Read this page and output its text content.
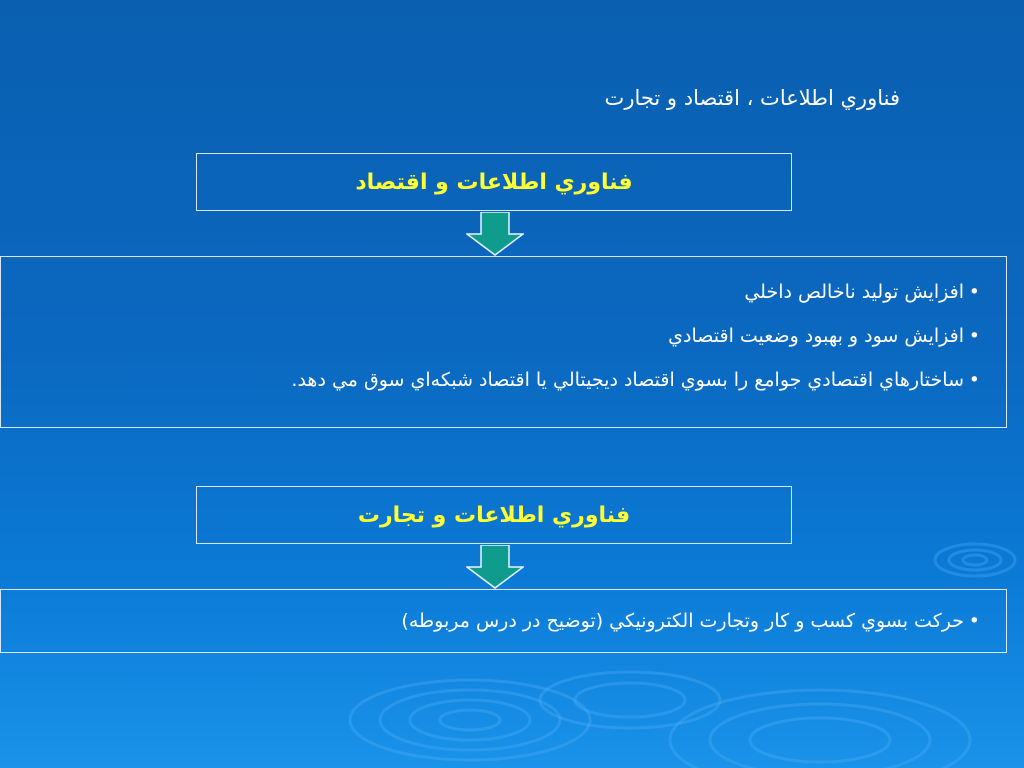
فناوري اطلاعات ، اقتصاد و تجارت
فناوري اطلاعات و اقتصاد
•
افزايش توليد ناخالص داخلي
•
افزايش سود و بهبود وضعيت اقتصادي
•
ساختارهاي اقتصادي جوامع را بسوي اقتصاد ديجيتالي يا اقتصاد شبكه‌اي سوق مي دهد.
فناوري اطلاعات و تجارت
•
حركت بسوي كسب و كار وتجارت الكترونيكي (توضيح در درس مربوطه)
